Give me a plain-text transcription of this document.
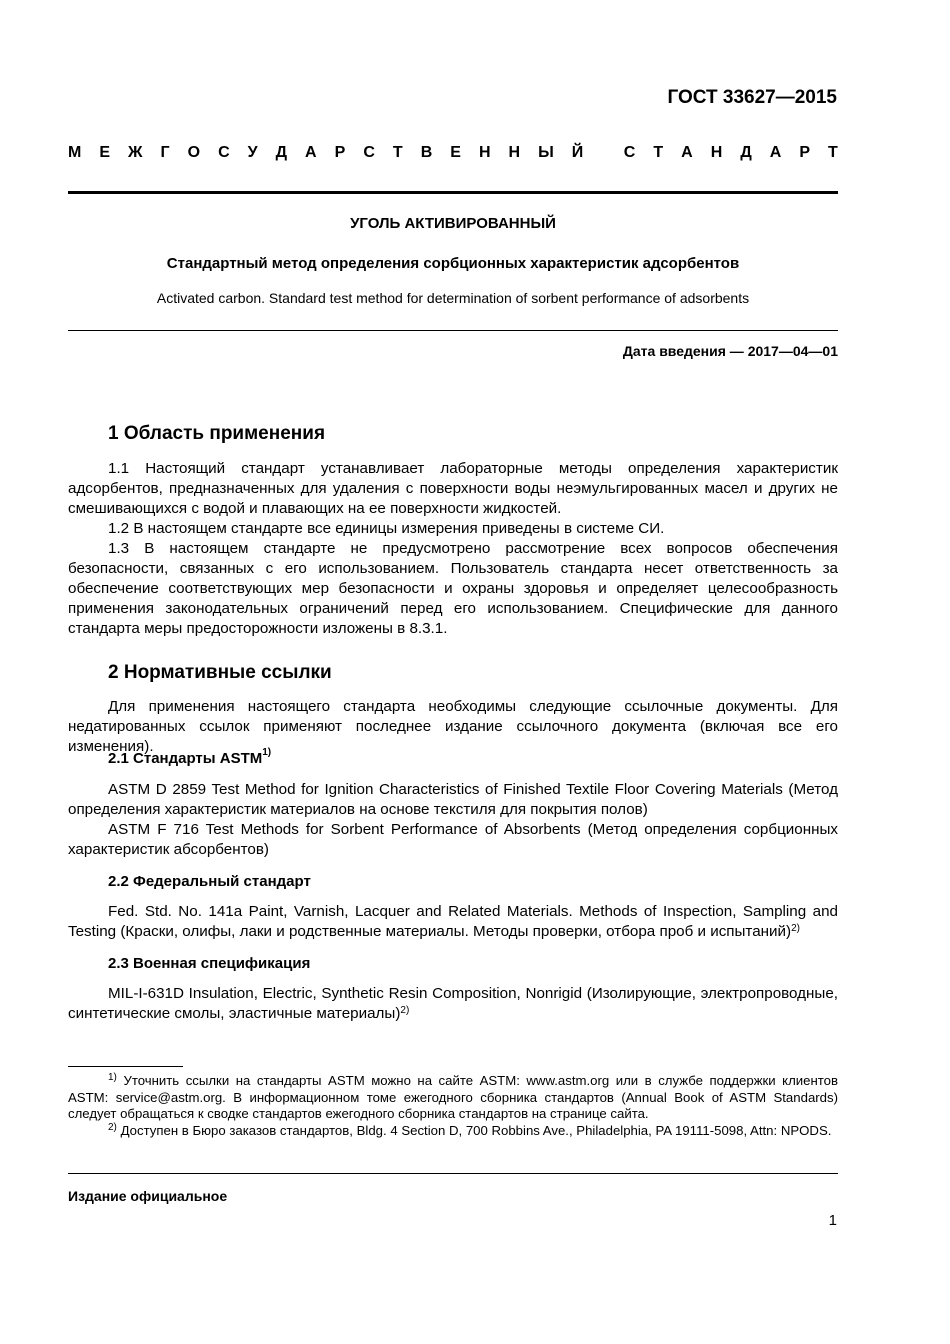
ГОСТ 33627—2015
М Е Ж Г О С У Д А Р С Т В Е Н Н Ы Й
	С Т А Н Д А Р Т
УГОЛЬ АКТИВИРОВАННЫЙ
Стандартный метод определения сорбционных характеристик адсорбентов
Activated carbon. Standard test method for determination of sorbent performance of adsorbents
Дата введения — 2017—04—01
1 Область применения
1.1 Настоящий стандарт устанавливает лабораторные методы определения характеристик адсорбентов, предназначенных для удаления с поверхности воды неэмульгированных масел и других не смешивающихся с водой и плавающих на ее поверхности жидкостей.
1.2 В настоящем стандарте все единицы измерения приведены в системе СИ.
1.3 В настоящем стандарте не предусмотрено рассмотрение всех вопросов обеспечения безопасности, связанных с его использованием. Пользователь стандарта несет ответственность за обеспечение соответствующих мер безопасности и охраны здоровья и определяет целесообразность применения законодательных ограничений перед его использованием. Специфические для данного стандарта меры предосторожности изложены в 8.3.1.
2 Нормативные ссылки
Для применения настоящего стандарта необходимы следующие ссылочные документы. Для недатированных ссылок применяют последнее издание ссылочного документа (включая все его изменения).
2.1 Стандарты ASTM$^{1)}$
ASTM D 2859 Test Method for Ignition Characteristics of Finished Textile Floor Covering Materials (Метод определения характеристик материалов на основе текстиля для покрытия полов)
ASTM F 716 Test Methods for Sorbent Performance of Absorbents (Метод определения сорбционных характеристик абсорбентов)
2.2 Федеральный стандарт
Fed. Std. No. 141a Paint, Varnish, Lacquer and Related Materials. Methods of Inspection, Sampling and Testing (Краски, олифы, лаки и родственные материалы. Методы проверки, отбора проб и испытаний)$^{2)}$
2.3 Военная спецификация
MIL-I-631D Insulation, Electric, Synthetic Resin Composition, Nonrigid (Изолирующие, электропроводные, синтетические смолы, эластичные материалы)$^{2)}$
$^{1)}$ Уточнить ссылки на стандарты ASTM можно на сайте ASTM: www.astm.org или в службе поддержки клиентов ASTM: service@astm.org. В информационном томе ежегодного сборника стандартов (Annual Book of ASTM Standards) следует обращаться к сводке стандартов ежегодного сборника стандартов на странице сайта.
$^{2)}$ Доступен в Бюро заказов стандартов, Bldg. 4 Section D, 700 Robbins Ave., Philadelphia, PA 19111-5098, Attn: NPODS.
Издание официальное
1
